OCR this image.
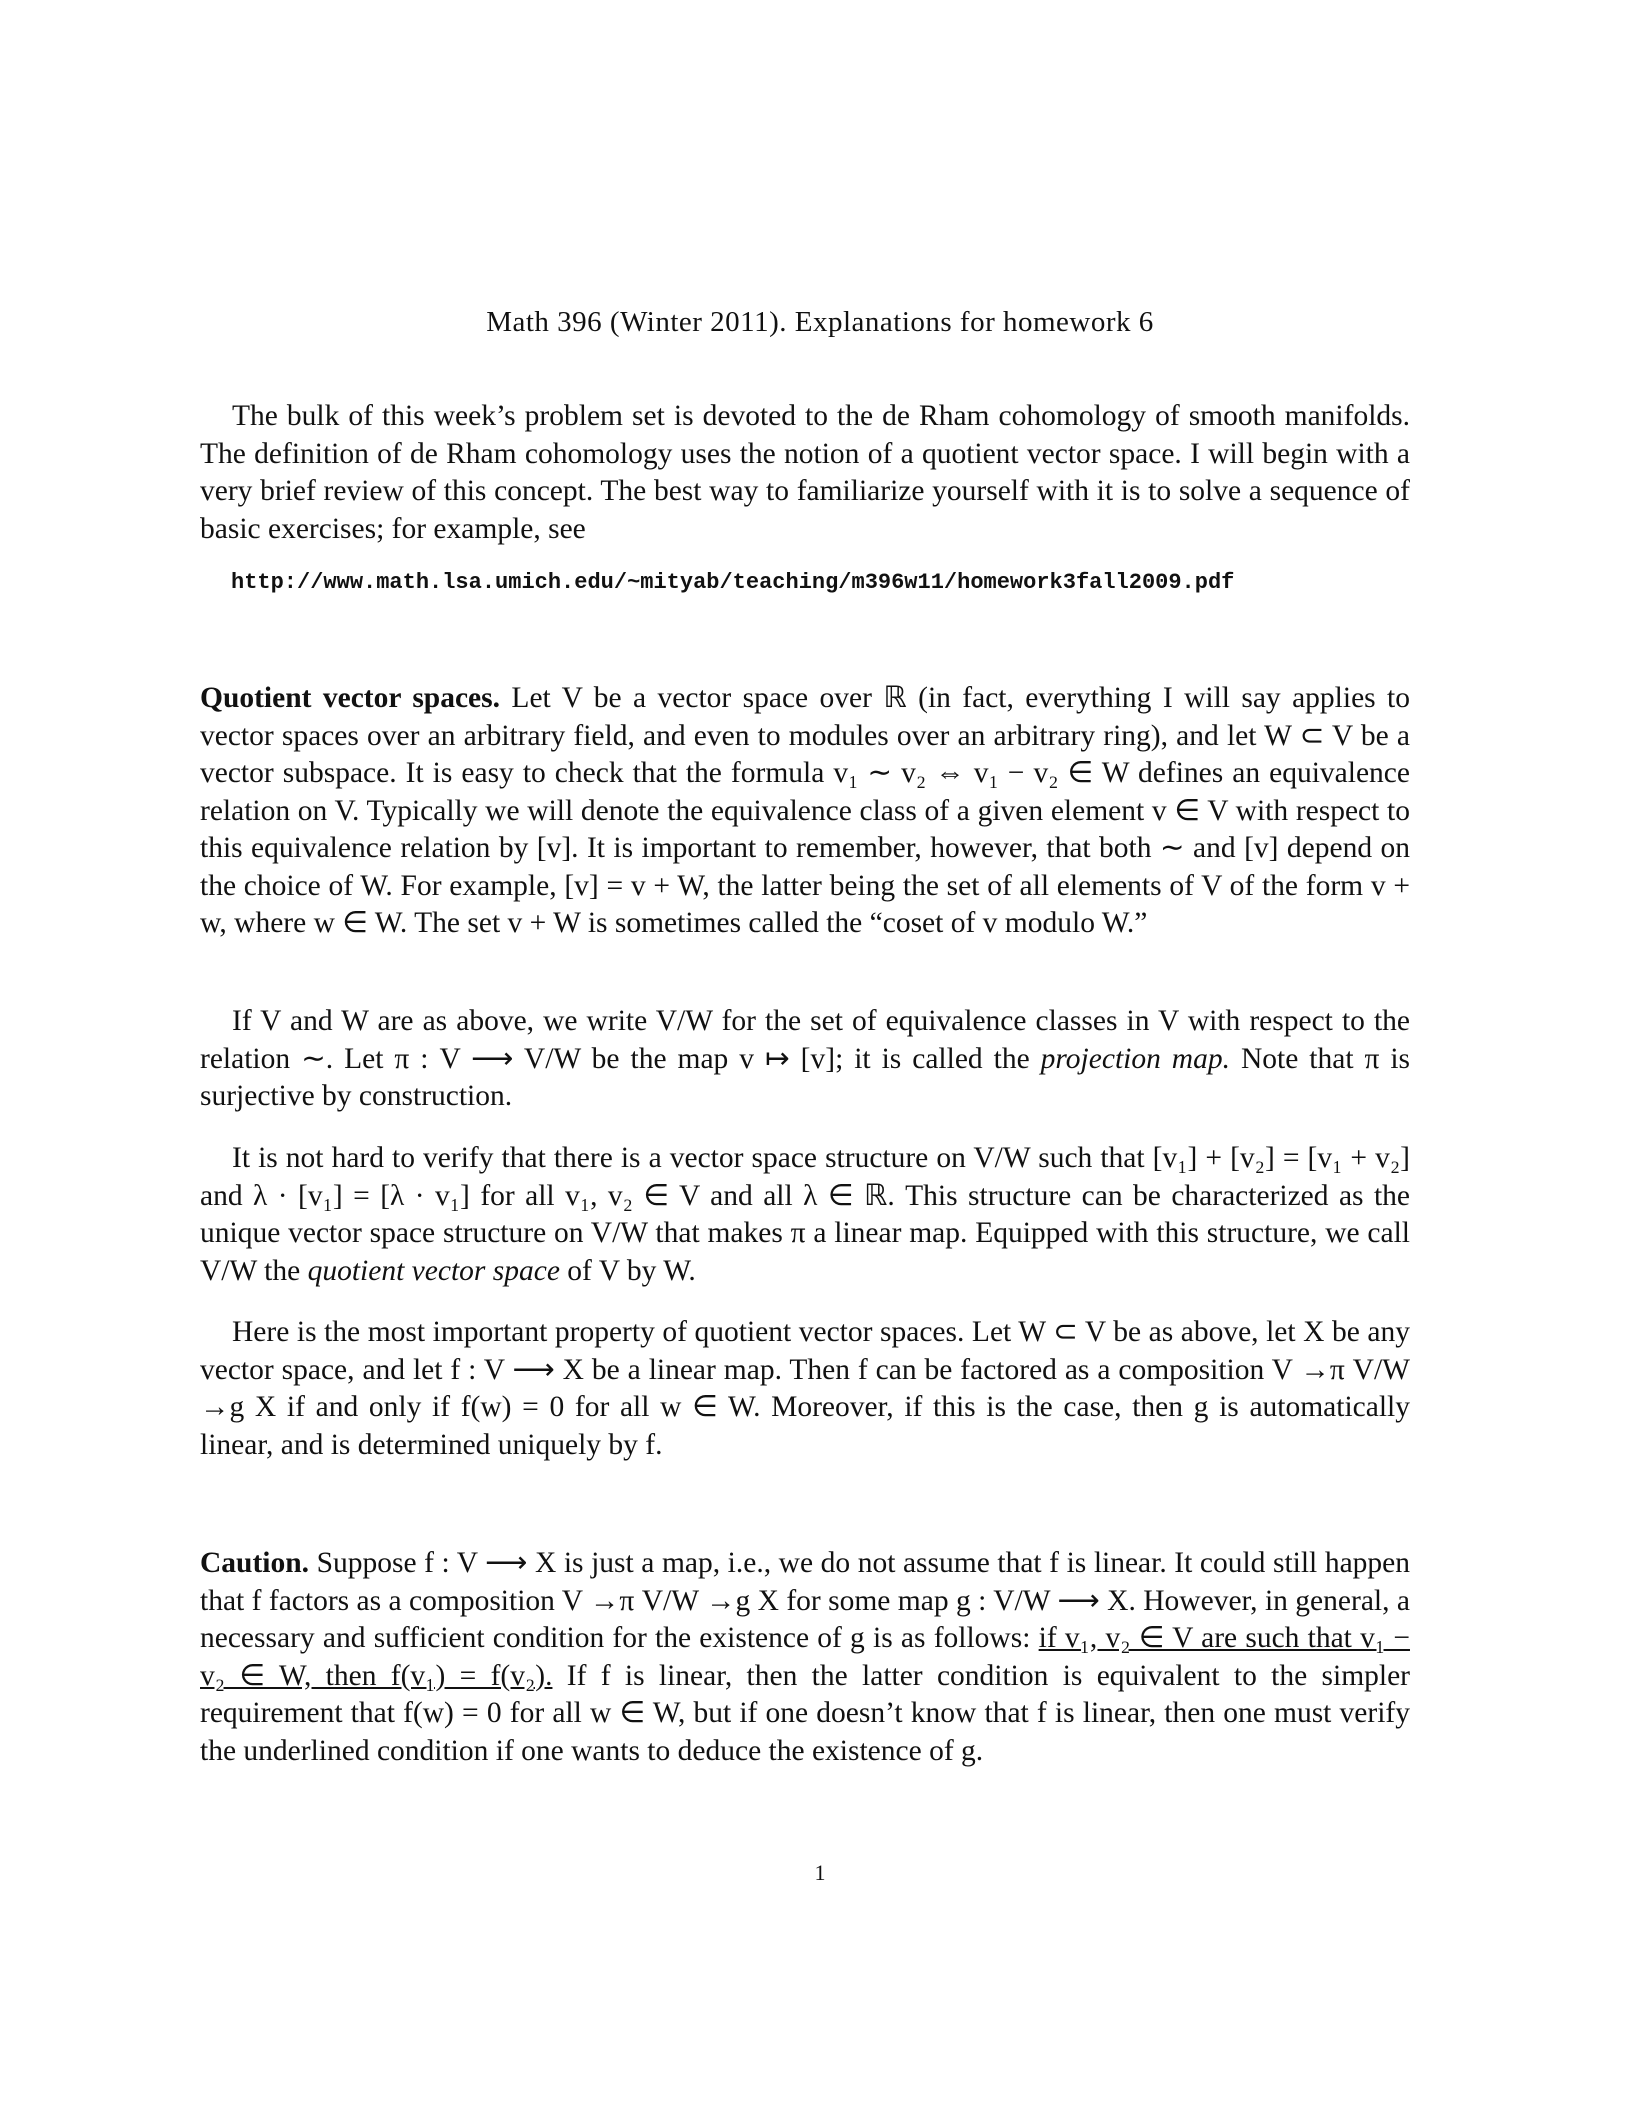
Math 396 (Winter 2011). Explanations for homework 6
The bulk of this week’s problem set is devoted to the de Rham cohomology of smooth manifolds. The definition of de Rham cohomology uses the notion of a quotient vector space. I will begin with a very brief review of this concept. The best way to familiarize yourself with it is to solve a sequence of basic exercises; for example, see
http://www.math.lsa.umich.edu/~mityab/teaching/m396w11/homework3fall2009.pdf
Quotient vector spaces. Let V be a vector space over ℝ (in fact, everything I will say applies to vector spaces over an arbitrary field, and even to modules over an arbitrary ring), and let W ⊂ V be a vector subspace. It is easy to check that the formula v₁ ∼ v₂ ⇔ v₁ − v₂ ∈ W defines an equivalence relation on V. Typically we will denote the equivalence class of a given element v ∈ V with respect to this equivalence relation by [v]. It is important to remember, however, that both ∼ and [v] depend on the choice of W. For example, [v] = v + W, the latter being the set of all elements of V of the form v + w, where w ∈ W. The set v + W is sometimes called the “coset of v modulo W.”
If V and W are as above, we write V/W for the set of equivalence classes in V with respect to the relation ∼. Let π : V ⟶ V/W be the map v ↦ [v]; it is called the projection map. Note that π is surjective by construction.
It is not hard to verify that there is a vector space structure on V/W such that [v₁] + [v₂] = [v₁ + v₂] and λ · [v₁] = [λ · v₁] for all v₁, v₂ ∈ V and all λ ∈ ℝ. This structure can be characterized as the unique vector space structure on V/W that makes π a linear map. Equipped with this structure, we call V/W the quotient vector space of V by W.
Here is the most important property of quotient vector spaces. Let W ⊂ V be as above, let X be any vector space, and let f : V ⟶ X be a linear map. Then f can be factored as a composition V →π V/W →g X if and only if f(w) = 0 for all w ∈ W. Moreover, if this is the case, then g is automatically linear, and is determined uniquely by f.
Caution. Suppose f : V ⟶ X is just a map, i.e., we do not assume that f is linear. It could still happen that f factors as a composition V →π V/W →g X for some map g : V/W ⟶ X. However, in general, a necessary and sufficient condition for the existence of g is as follows: if v₁, v₂ ∈ V are such that v₁ − v₂ ∈ W, then f(v₁) = f(v₂). If f is linear, then the latter condition is equivalent to the simpler requirement that f(w) = 0 for all w ∈ W, but if one doesn’t know that f is linear, then one must verify the underlined condition if one wants to deduce the existence of g.
1
